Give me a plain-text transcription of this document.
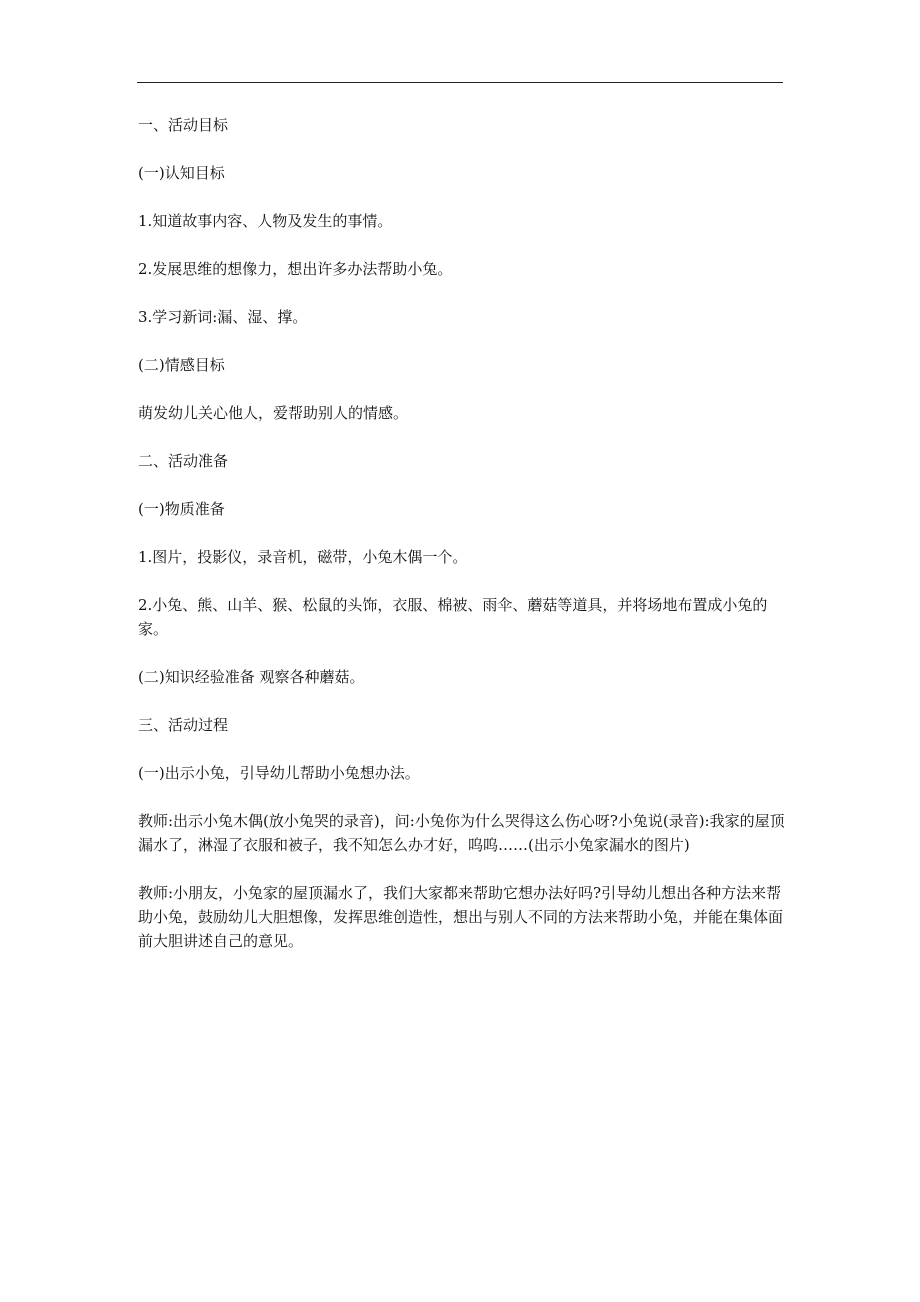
一、活动目标

(一)认知目标

1.知道故事内容、人物及发生的事情。

2.发展思维的想像力，想出许多办法帮助小兔。

3.学习新词:漏、湿、撑。

(二)情感目标

萌发幼儿关心他人，爱帮助别人的情感。

二、活动准备

(一)物质准备

1.图片，投影仪，录音机，磁带，小兔木偶一个。

2.小兔、熊、山羊、猴、松鼠的头饰，衣服、棉被、雨伞、蘑菇等道具，并将场地布置成小兔的家。

(二)知识经验准备 观察各种蘑菇。

三、活动过程

(一)出示小兔，引导幼儿帮助小兔想办法。

教师:出示小兔木偶(放小兔哭的录音)，问:小兔你为什么哭得这么伤心呀?小兔说(录音):我家的屋顶漏水了，淋湿了衣服和被子，我不知怎么办才好，呜呜……(出示小兔家漏水的图片)

教师:小朋友，小兔家的屋顶漏水了，我们大家都来帮助它想办法好吗?引导幼儿想出各种方法来帮助小兔，鼓励幼儿大胆想像，发挥思维创造性，想出与别人不同的方法来帮助小兔，并能在集体面前大胆讲述自己的意见。
